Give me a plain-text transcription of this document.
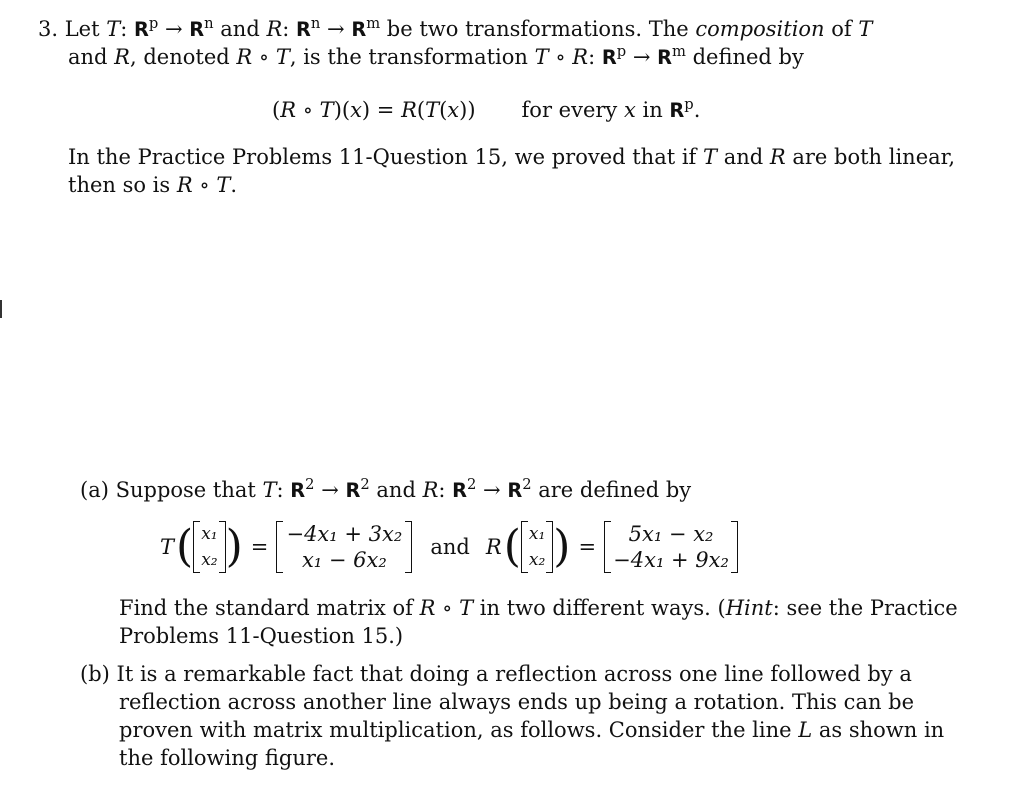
3. Let T: $R^p \to R^n$ and R: $R^n \to R^m$ be two transformations. The composition of T
and R, denoted R ∘ T, is the transformation T ∘ R: $R^p \to R^m$ defined by
(R ∘ T)(x) = R(T(x)) for every x in $R^p$.
In the Practice Problems 11-Question 15, we proved that if T and R are both linear,
then so is R ∘ T.
(a) Suppose that T: $R^2 \to R^2$ and R: $R^2 \to R^2$ are defined by
T ( x₁
x₂ ) =
−4x₁ + 3x₂
x₁ − 6x₂
and R ( x₁
x₂ ) =
5x₁ − x₂
−4x₁ + 9x₂
Find the standard matrix of R ∘ T in two different ways. (Hint: see the Practice
Problems 11-Question 15.)
(b) It is a remarkable fact that doing a reflection across one line followed by a
reflection across another line always ends up being a rotation. This can be
proven with matrix multiplication, as follows. Consider the line L as shown in
the following figure.
